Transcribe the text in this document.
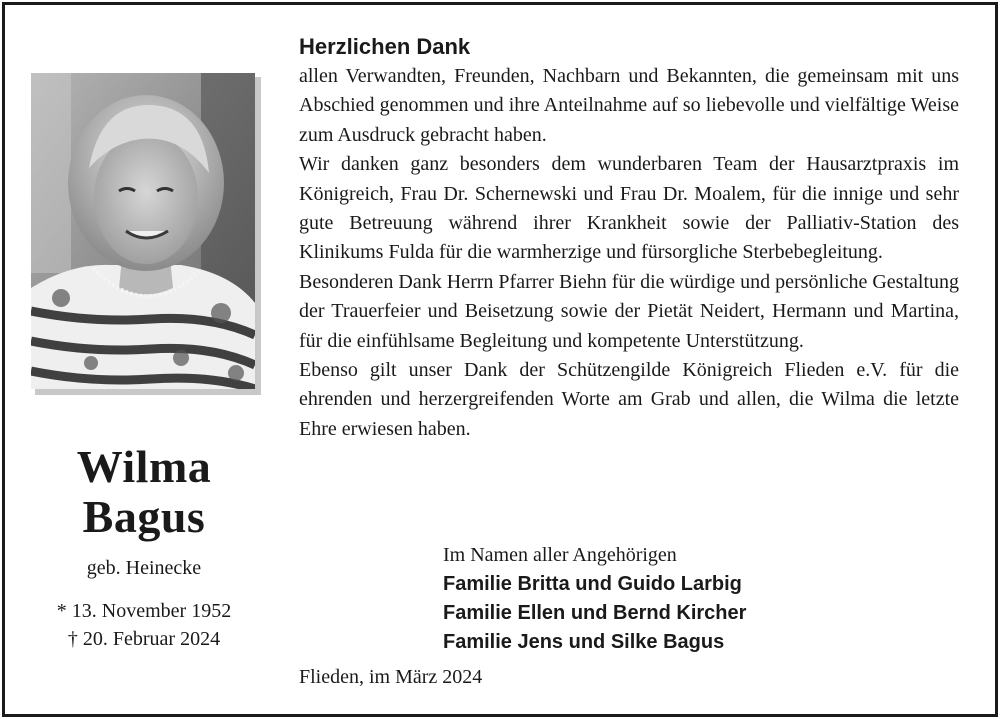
Wilma
Bagus
geb. Heinecke
* 13. November 1952
† 20. Februar 2024
Herzlichen Dank

allen Verwandten, Freunden, Nachbarn und Bekannten, die gemeinsam mit uns Abschied genommen und ihre Anteilnahme auf so liebevolle und vielfältige Weise zum Ausdruck gebracht haben.

Wir danken ganz besonders dem wunderbaren Team der Hausarztpraxis im Königreich, Frau Dr. Schernewski und Frau Dr. Moalem, für die innige und sehr gute Betreuung während ihrer Krankheit sowie der Palliativ-Station des Klinikums Fulda für die warmherzige und fürsorgliche Sterbebegleitung.

Besonderen Dank Herrn Pfarrer Biehn für die würdige und persönliche Gestaltung der Trauerfeier und Beisetzung sowie der Pietät Neidert, Hermann und Martina, für die einfühlsame Begleitung und kompetente Unterstützung.

Ebenso gilt unser Dank der Schützengilde Königreich Flieden e.V. für die ehrenden und herzergreifenden Worte am Grab und allen, die Wilma die letzte Ehre erwiesen haben.

Im Namen aller Angehörigen
Familie Britta und Guido Larbig
Familie Ellen und Bernd Kircher
Familie Jens und Silke Bagus
Flieden, im März 2024
